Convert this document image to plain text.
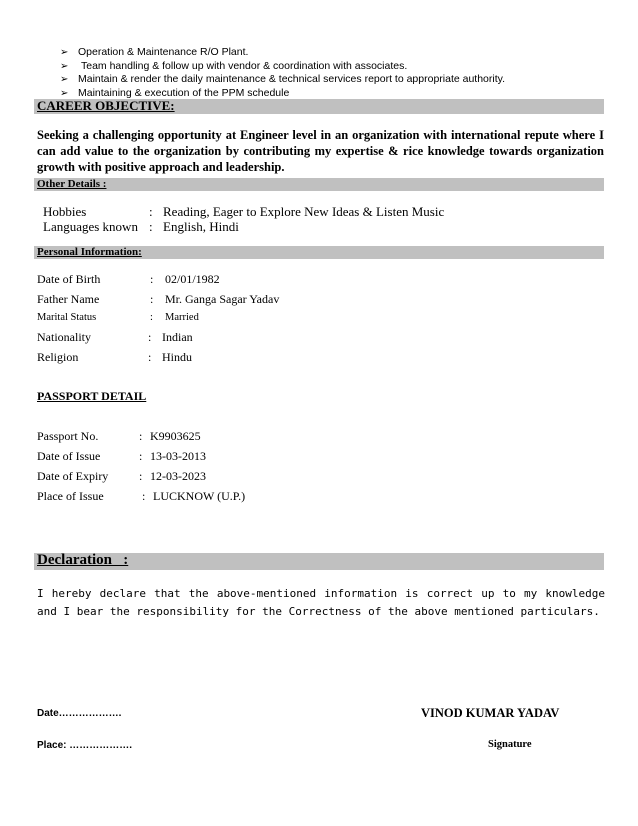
➢ Operation & Maintenance R/O Plant.
➢ Team handling & follow up with vendor & coordination with associates.
➢ Maintain & render the daily maintenance & technical services report to appropriate authority.
➢ Maintaining & execution of the PPM schedule
CAREER OBJECTIVE:
Seeking a challenging opportunity at Engineer level in an organization with international repute where I can add value to the organization by contributing my expertise & rice knowledge towards organization growth with positive approach and leadership.
Other Details :
Hobbies	: Reading, Eager to Explore New Ideas & Listen Music
Languages known : English, Hindi
Personal Information:
Date of Birth	: 02/01/1982
Father Name	: Mr. Ganga Sagar Yadav
Marital Status	: Married
Nationality	: Indian
Religion	: Hindu
PASSPORT DETAIL
Passport No.	: K9903625
Date of Issue	: 13-03-2013
Date of Expiry	: 12-03-2023
Place of Issue	: LUCKNOW (U.P.)
Declaration   :
I hereby declare that the above-mentioned information is correct up to my knowledge and I bear the responsibility for the Correctness of the above mentioned particulars.
Date……………….
Place: ……………….
VINOD KUMAR YADAV
Signature
